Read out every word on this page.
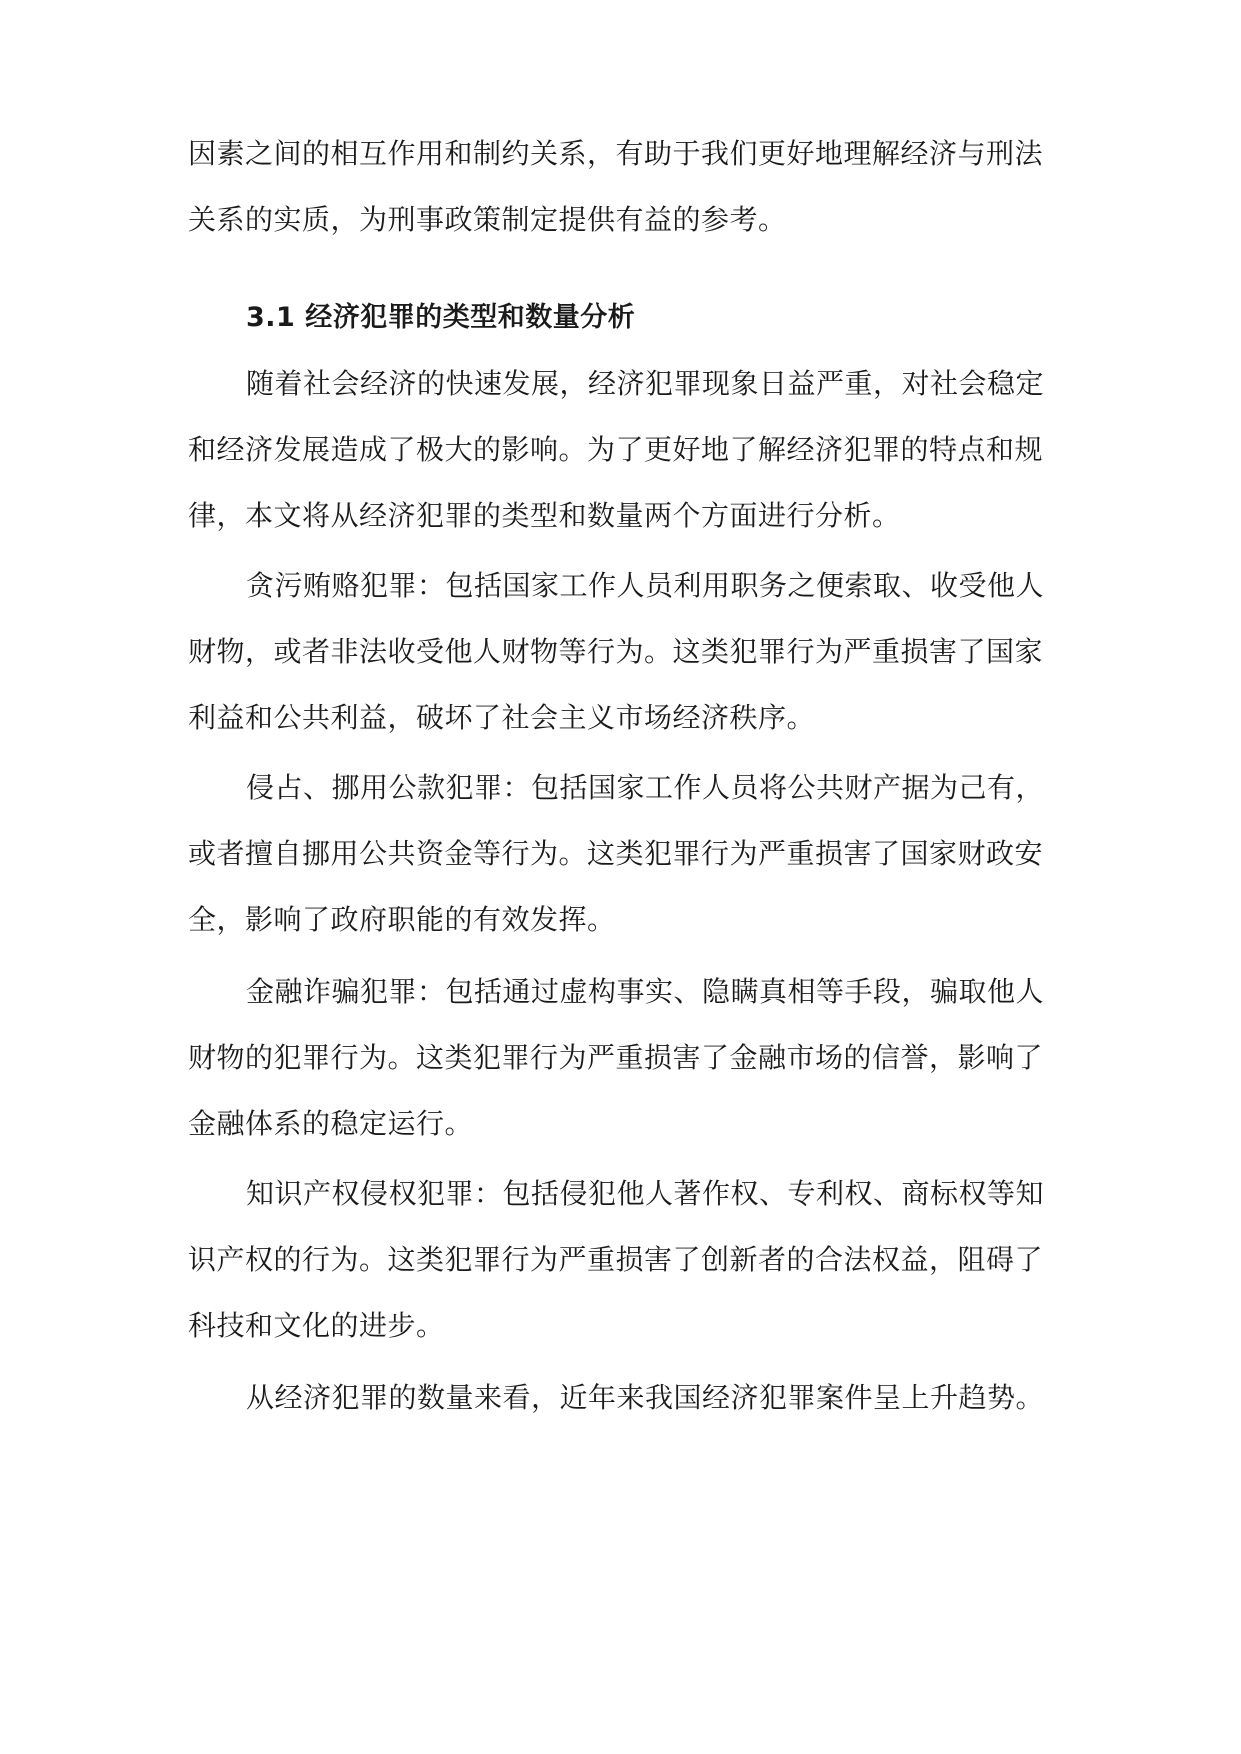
因素之间的相互作用和制约关系，有助于我们更好地理解经济与刑法
关系的实质，为刑事政策制定提供有益的参考。
3.1 经济犯罪的类型和数量分析
随着社会经济的快速发展，经济犯罪现象日益严重，对社会稳定
和经济发展造成了极大的影响。为了更好地了解经济犯罪的特点和规
律，本文将从经济犯罪的类型和数量两个方面进行分析。
贪污贿赂犯罪：包括国家工作人员利用职务之便索取、收受他人
财物，或者非法收受他人财物等行为。这类犯罪行为严重损害了国家
利益和公共利益，破坏了社会主义市场经济秩序。
侵占、挪用公款犯罪：包括国家工作人员将公共财产据为己有，
或者擅自挪用公共资金等行为。这类犯罪行为严重损害了国家财政安
全，影响了政府职能的有效发挥。
金融诈骗犯罪：包括通过虚构事实、隐瞒真相等手段，骗取他人
财物的犯罪行为。这类犯罪行为严重损害了金融市场的信誉，影响了
金融体系的稳定运行。
知识产权侵权犯罪：包括侵犯他人著作权、专利权、商标权等知
识产权的行为。这类犯罪行为严重损害了创新者的合法权益，阻碍了
科技和文化的进步。
从经济犯罪的数量来看，近年来我国经济犯罪案件呈上升趋势。
